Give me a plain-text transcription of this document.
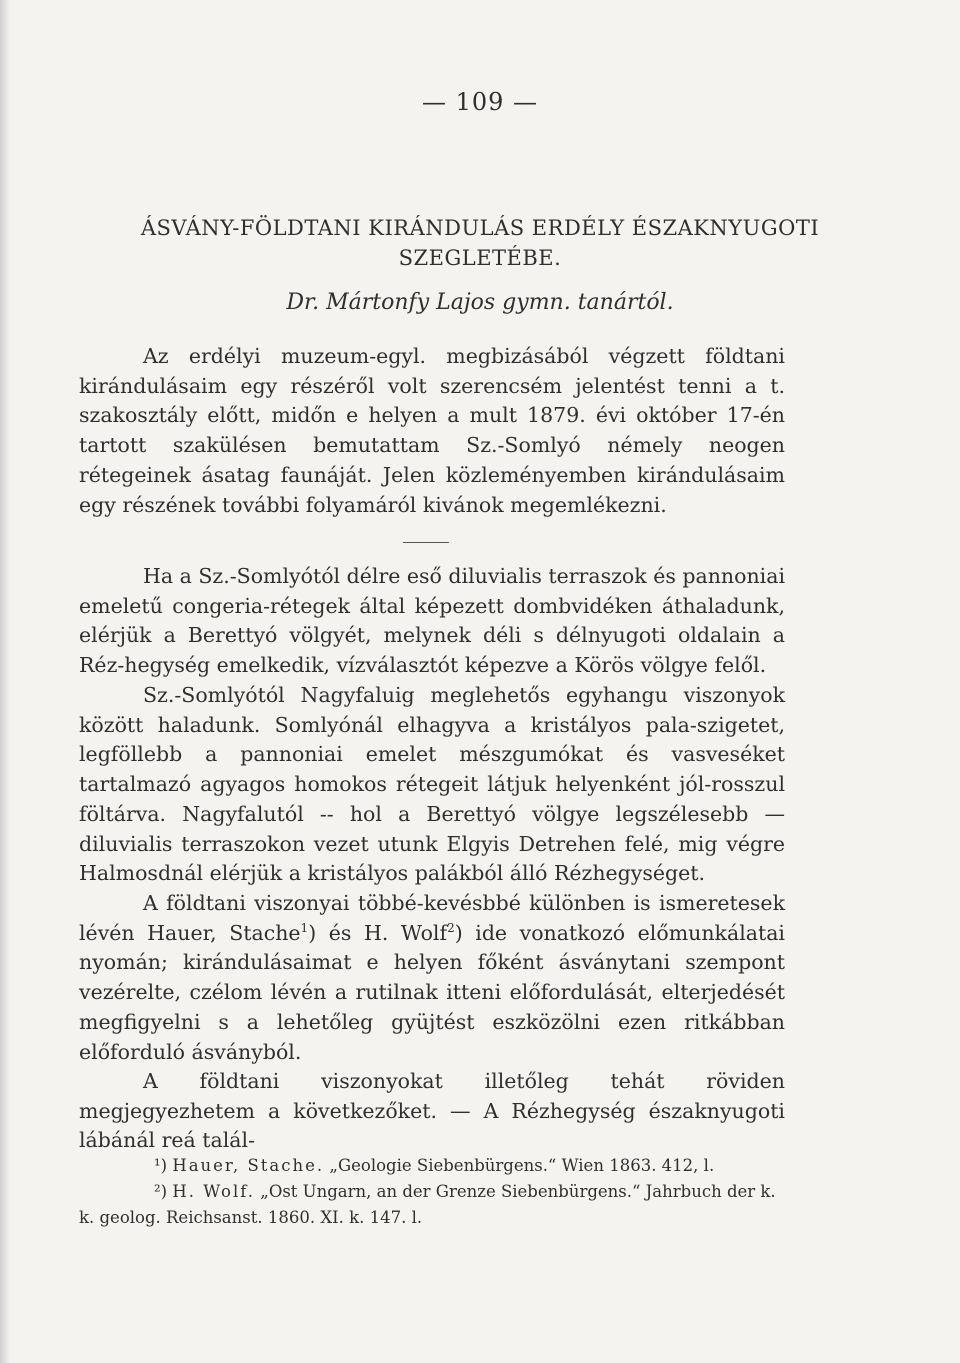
— 109 —
ÁSVÁNY-FÖLDTANI KIRÁNDULÁS ERDÉLY ÉSZAKNYUGOTI
SZEGLETÉBE.
Dr. Mártonfy Lajos gymn. tanártól.

Az erdélyi muzeum-egyl. megbizásából végzett földtani kirándulásaim egy részéről volt szerencsém jelentést tenni a t. szakosztály előtt, midőn e helyen a mult 1879. évi október 17-én tartott szakülésen bemutattam Sz.-Somlyó némely neogen rétegeinek ásatag faunáját. Jelen közleményemben kirándulásaim egy részének további folyamáról kivánok megemlékezni.

Ha a Sz.-Somlyótól délre eső diluvialis terraszok és pannoniai emeletű congeria-rétegek által képezett dombvidéken áthaladunk, elérjük a Berettyó völgyét, melynek déli s délnyugoti oldalain a Réz-hegység emelkedik, vízválasztót képezve a Körös völgye felől.

Sz.-Somlyótól Nagyfaluig meglehetős egyhangu viszonyok között haladunk. Somlyónál elhagyva a kristályos pala-szigetet, legföllebb a pannoniai emelet mészgumókat és vasveséket tartalmazó agyagos homokos rétegeit látjuk helyenként jól-rosszul föltárva. Nagyfalutól -- hol a Berettyó völgye legszélesebb — diluvialis terraszokon vezet utunk Elgyis Detrehen felé, mig végre Halmosdnál elérjük a kristályos palákból álló Rézhegységet.

A földtani viszonyai többé-kevésbbé különben is ismeretesek lévén Hauer, Stache$^1$) és H. Wolf$^2$) ide vonatkozó előmunkálatai nyomán; kirándulásaimat e helyen főként ásványtani szempont vezérelte, czélom lévén a rutilnak itteni előfordulását, elterjedését megfigyelni s a lehetőleg gyüjtést eszközölni ezen ritkábban előforduló ásványból.

A földtani viszonyokat illetőleg tehát röviden megjegyezhetem a következőket. — A Rézhegység északnyugoti lábánál reá talál-

¹) Hauer, Stache. „Geologie Siebenbürgens.“ Wien 1863. 412, l.

²) H. Wolf. „Ost Ungarn, an der Grenze Siebenbürgens.“ Jahrbuch der k. k. geolog. Reichsanst. 1860. XI. k. 147. l.
